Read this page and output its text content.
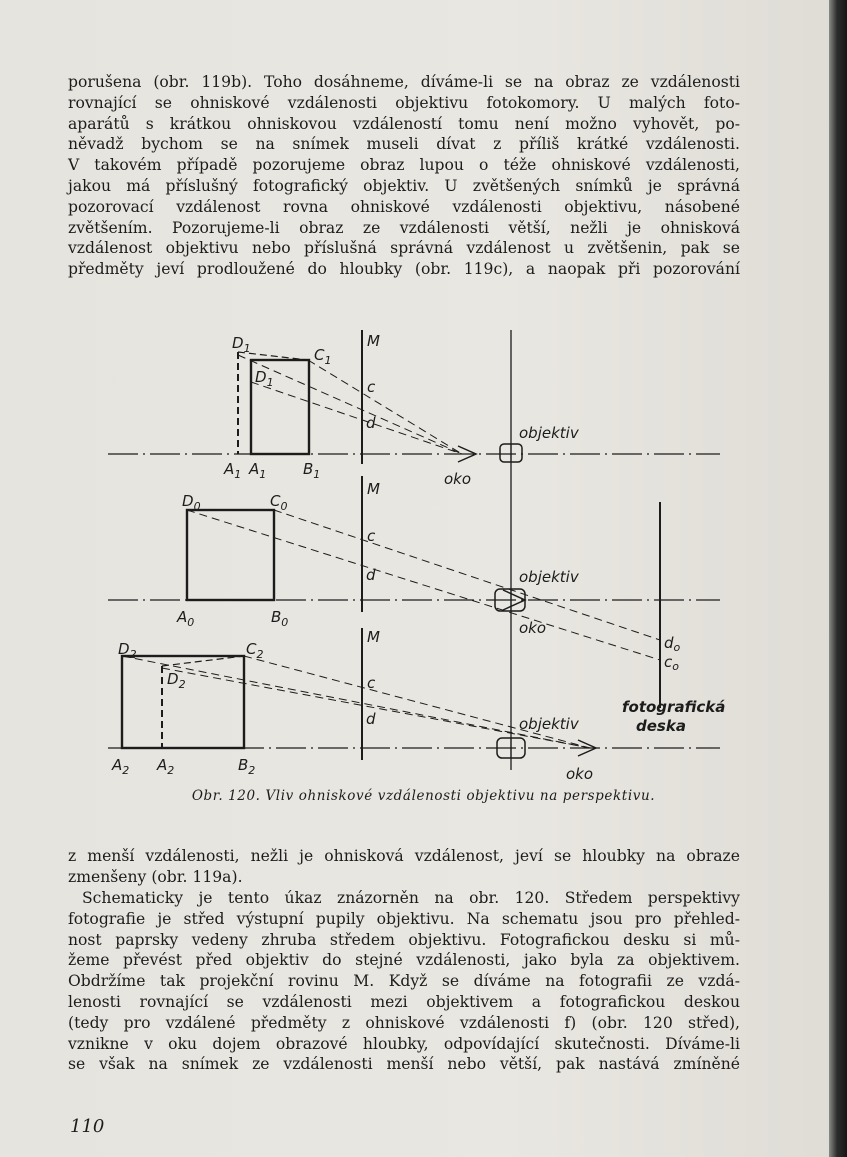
porušena (obr. 119b). Toho dosáhneme, díváme-li se na obraz ze vzdálenosti
rovnající se ohniskové vzdálenosti objektivu fotokomory. U malých foto-
aparátů s krátkou ohniskovou vzdáleností tomu není možno vyhovět, po-
něvadž bychom se na snímek museli dívat z příliš krátké vzdálenosti.
V takovém případě pozorujeme obraz lupou o téže ohniskové vzdálenosti,
jakou má příslušný fotografický objektiv. U zvětšených snímků je správná
pozorovací vzdálenost rovna ohniskové vzdálenosti objektivu, násobené
zvětšením. Pozorujeme-li obraz ze vzdálenosti větší, nežli je ohnisková
vzdálenost objektivu nebo příslušná správná vzdálenost u zvětšenin, pak se
předměty jeví prodloužené do hloubky (obr. 119c), a naopak při pozorování

$D_1$	$C_1$
$D_1$
M
c
d
$A_1$ $A_1$ $B_1$
objektiv
oko
$D_0$	$C_0$
M
c
d
$A_0$	$B_0$
objektiv
oko
$d_o$
$c_o$
$D_2$	$C_2$
$D_2$
M
c
d
$A_2$ $A_2$	$B_2$
objektiv
oko
fotografická
deska
Obr. 120. Vliv ohniskové vzdálenosti objektivu na perspektivu.

z menší vzdálenosti, nežli je ohnisková vzdálenost, jeví se hloubky na obraze
zmenšeny (obr. 119a).

Schematicky je tento úkaz znázorněn na obr. 120. Středem perspektivy
fotografie je střed výstupní pupily objektivu. Na schematu jsou pro přehled-
nost paprsky vedeny zhruba středem objektivu. Fotografickou desku si mů-
žeme převést před objektiv do stejné vzdálenosti, jako byla za objektivem.
Obdržíme tak projekční rovinu M. Když se díváme na fotografii ze vzdá-
lenosti rovnající se vzdálenosti mezi objektivem a fotografickou deskou
(tedy pro vzdálené předměty z ohniskové vzdálenosti f) (obr. 120 střed),
vznikne v oku dojem obrazové hloubky, odpovídající skutečnosti. Díváme-li
se však na snímek ze vzdálenosti menší nebo větší, pak nastává zmíněné

110
